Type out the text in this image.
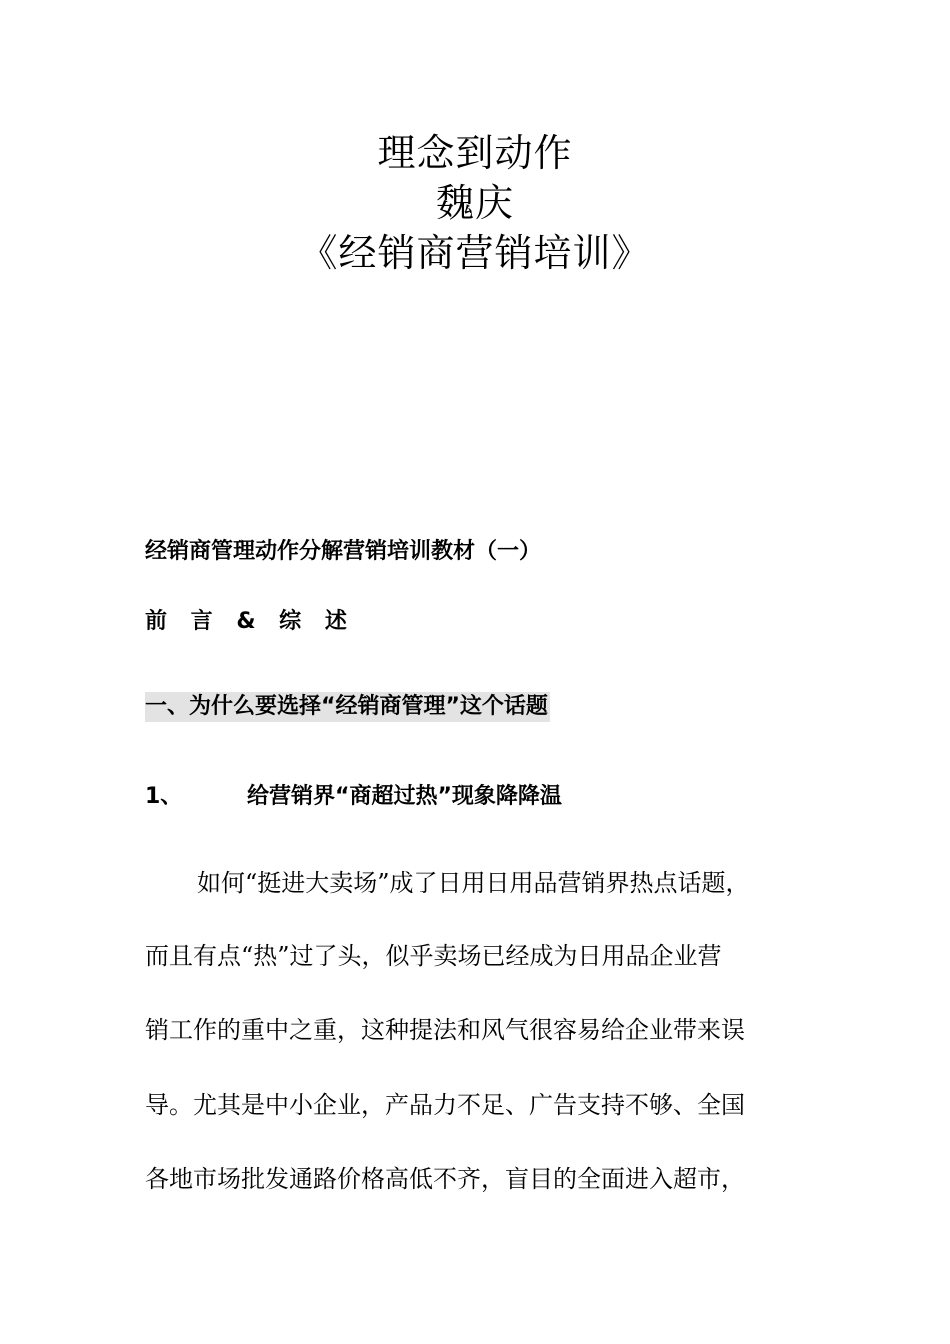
理念到动作
魏庆
《经销商营销培训》
经销商管理动作分解营销培训教材（一）
前 言 & 综 述
一、为什么要选择“经销商管理”这个话题
1、	给营销界“商超过热”现象降降温
如何“挺进大卖场”成了日用日用品营销界热点话题，
而且有点“热”过了头，似乎卖场已经成为日用品企业营
销工作的重中之重，这种提法和风气很容易给企业带来误
导。尤其是中小企业，产品力不足、广告支持不够、全国
各地市场批发通路价格高低不齐，盲目的全面进入超市，
